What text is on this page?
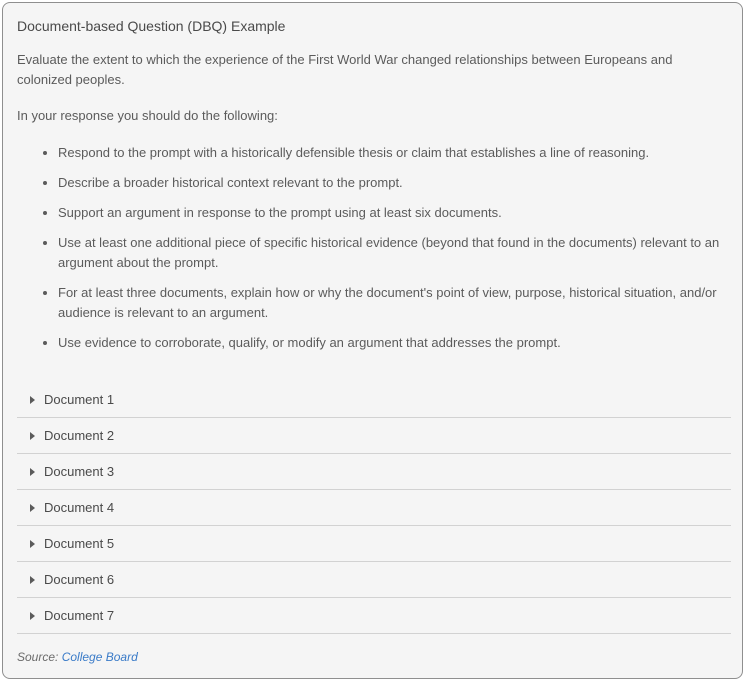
Document-based Question (DBQ) Example

Evaluate the extent to which the experience of the First World War changed relationships between Europeans and colonized peoples.

In your response you should do the following:

Respond to the prompt with a historically defensible thesis or claim that establishes a line of reasoning.
Describe a broader historical context relevant to the prompt.
Support an argument in response to the prompt using at least six documents.
Use at least one additional piece of specific historical evidence (beyond that found in the documents) relevant to an argument about the prompt.
For at least three documents, explain how or why the document's point of view, purpose, historical situation, and/or audience is relevant to an argument.
Use evidence to corroborate, qualify, or modify an argument that addresses the prompt.
Document 1
Document 2
Document 3
Document 4
Document 5
Document 6
Document 7
Source: College Board
